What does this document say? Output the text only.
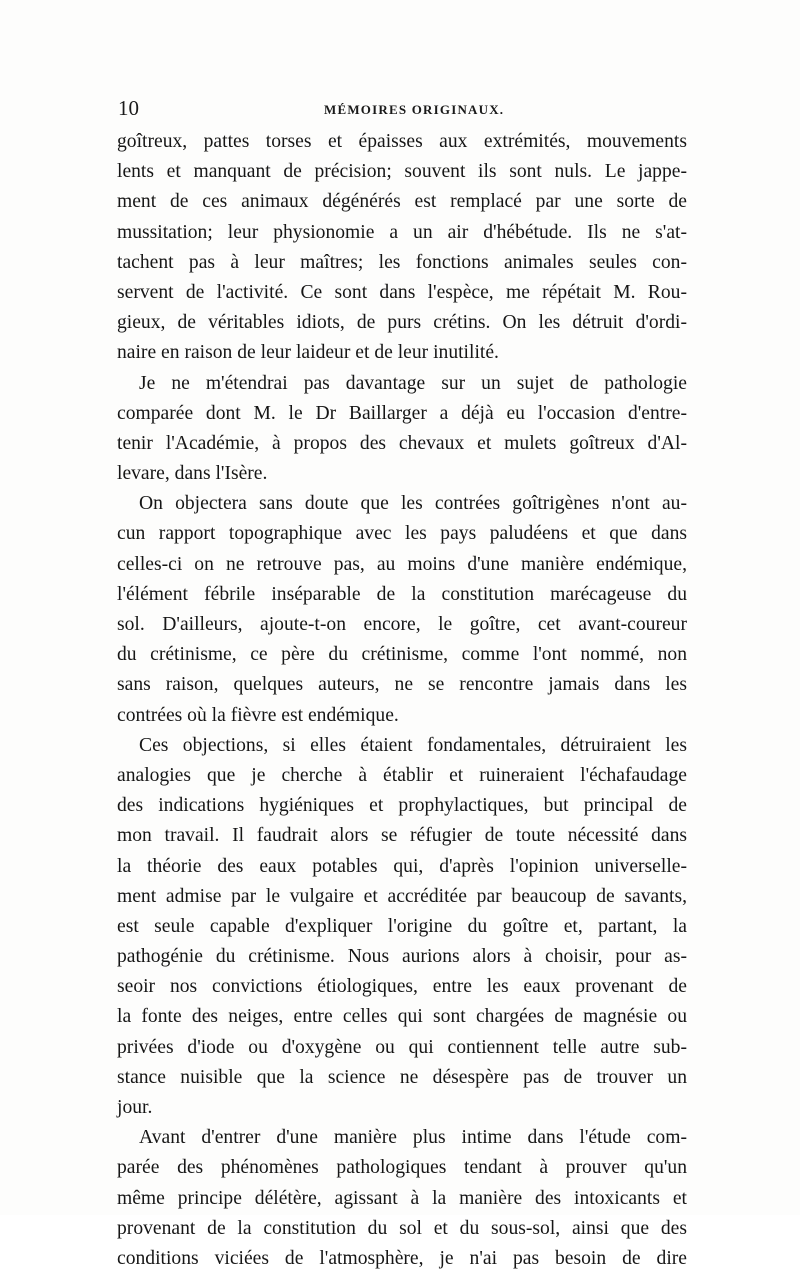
10	MÉMOIRES ORIGINAUX.
goîtreux, pattes torses et épaisses aux extrémités, mouvements
lents et manquant de précision; souvent ils sont nuls. Le jappe-
ment de ces animaux dégénérés est remplacé par une sorte de
mussitation; leur physionomie a un air d'hébétude. Ils ne s'at-
tachent pas à leur maîtres; les fonctions animales seules con-
servent de l'activité. Ce sont dans l'espèce, me répétait M. Rou-
gieux, de véritables idiots, de purs crétins. On les détruit d'ordi-
naire en raison de leur laideur et de leur inutilité.
Je ne m'étendrai pas davantage sur un sujet de pathologie
comparée dont M. le Dr Baillarger a déjà eu l'occasion d'entre-
tenir l'Académie, à propos des chevaux et mulets goîtreux d'Al-
levare, dans l'Isère.
On objectera sans doute que les contrées goîtrigènes n'ont au-
cun rapport topographique avec les pays paludéens et que dans
celles-ci on ne retrouve pas, au moins d'une manière endémique,
l'élément fébrile inséparable de la constitution marécageuse du
sol. D'ailleurs, ajoute-t-on encore, le goître, cet avant-coureur
du crétinisme, ce père du crétinisme, comme l'ont nommé, non
sans raison, quelques auteurs, ne se rencontre jamais dans les
contrées où la fièvre est endémique.
Ces objections, si elles étaient fondamentales, détruiraient les
analogies que je cherche à établir et ruineraient l'échafaudage
des indications hygiéniques et prophylactiques, but principal de
mon travail. Il faudrait alors se réfugier de toute nécessité dans
la théorie des eaux potables qui, d'après l'opinion universelle-
ment admise par le vulgaire et accréditée par beaucoup de savants,
est seule capable d'expliquer l'origine du goître et, partant, la
pathogénie du crétinisme. Nous aurions alors à choisir, pour as-
seoir nos convictions étiologiques, entre les eaux provenant de
la fonte des neiges, entre celles qui sont chargées de magnésie ou
privées d'iode ou d'oxygène ou qui contiennent telle autre sub-
stance nuisible que la science ne désespère pas de trouver un
jour.
Avant d'entrer d'une manière plus intime dans l'étude com-
parée des phénomènes pathologiques tendant à prouver qu'un
même principe délétère, agissant à la manière des intoxicants et
provenant de la constitution du sol et du sous-sol, ainsi que des
conditions viciées de l'atmosphère, je n'ai pas besoin de dire
